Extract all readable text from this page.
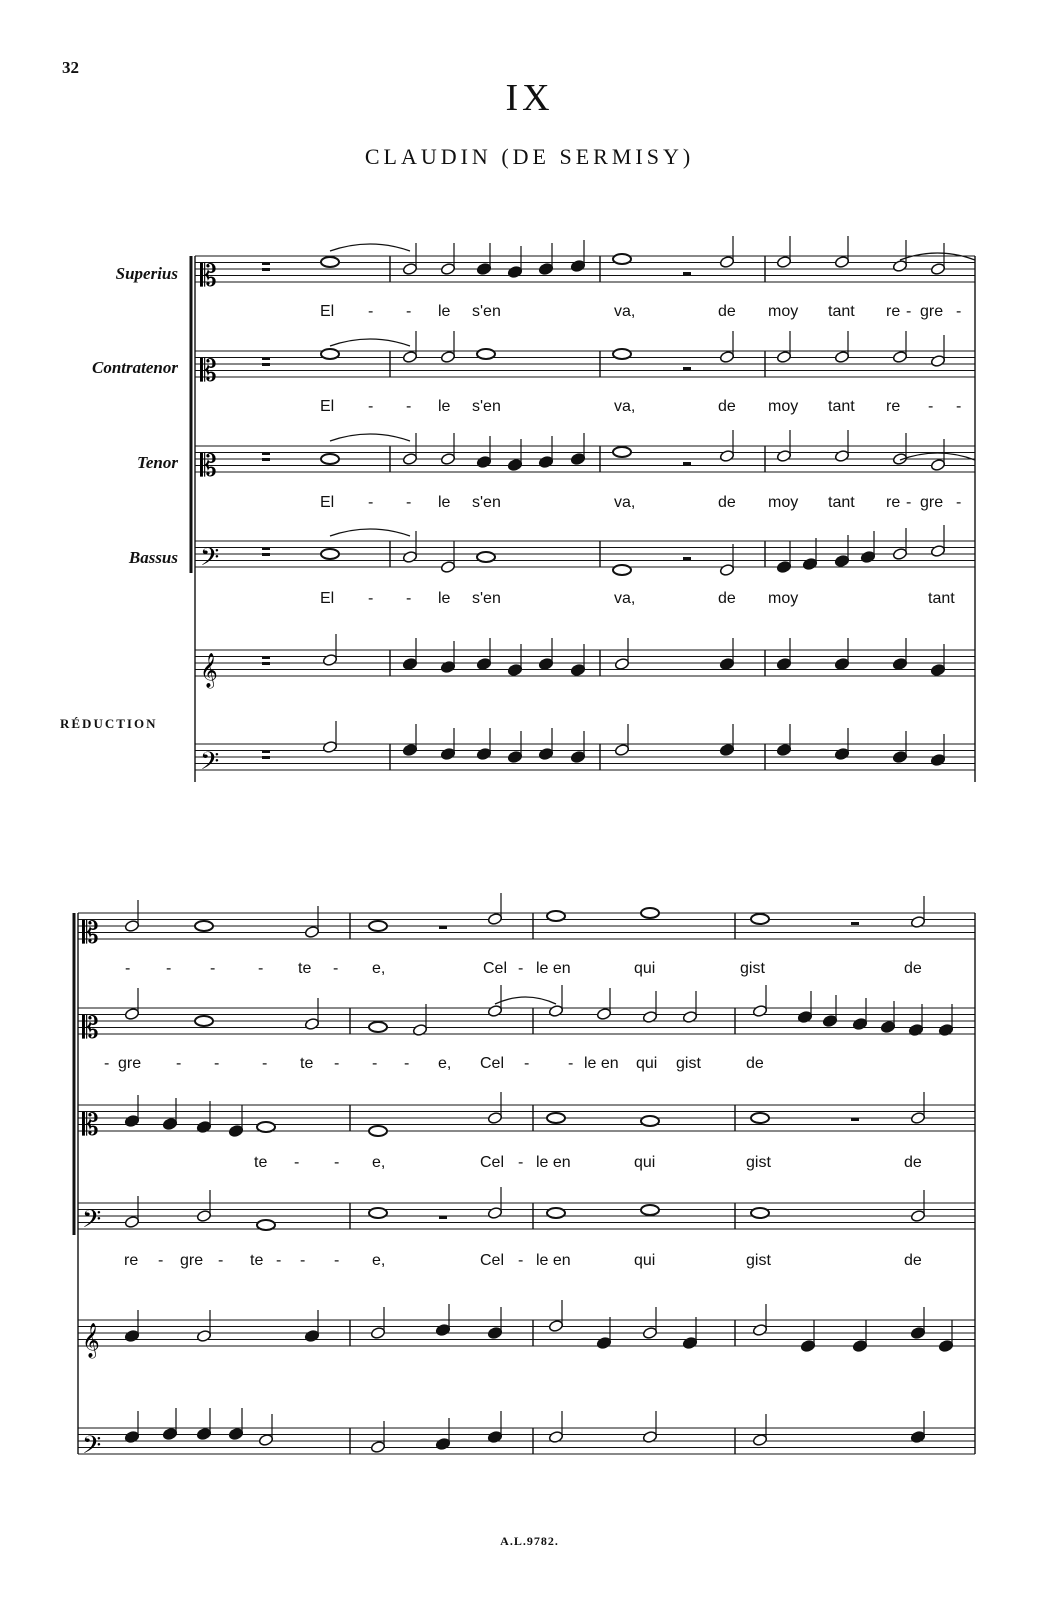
32
IX
CLAUDIN (DE SERMISY)
Superius
Contratenor
Tenor
Bassus
RÉDUCTION
El - - le s'en	va,	de moy tant re - gre -
El - - le s'en	va,	de moy tant re - -
El - - le s'en	va,	de moy tant re - gre -
El - - le s'en	va,	de moy	tant
- - -	- te - e,	Cel - le en	qui	gist	de
- gre - -	- te - - - e, Cel - - le en qui gist	de
te - - e,	Cel - le en	qui	gist	de
re - gre - te - - - e,	Cel - le en	qui	gist	de
𝄡
𝄡
𝄡
𝄢
𝄞
𝄢
𝄡
𝄡
𝄡
𝄢
𝄞
𝄢
A.L.9782.
